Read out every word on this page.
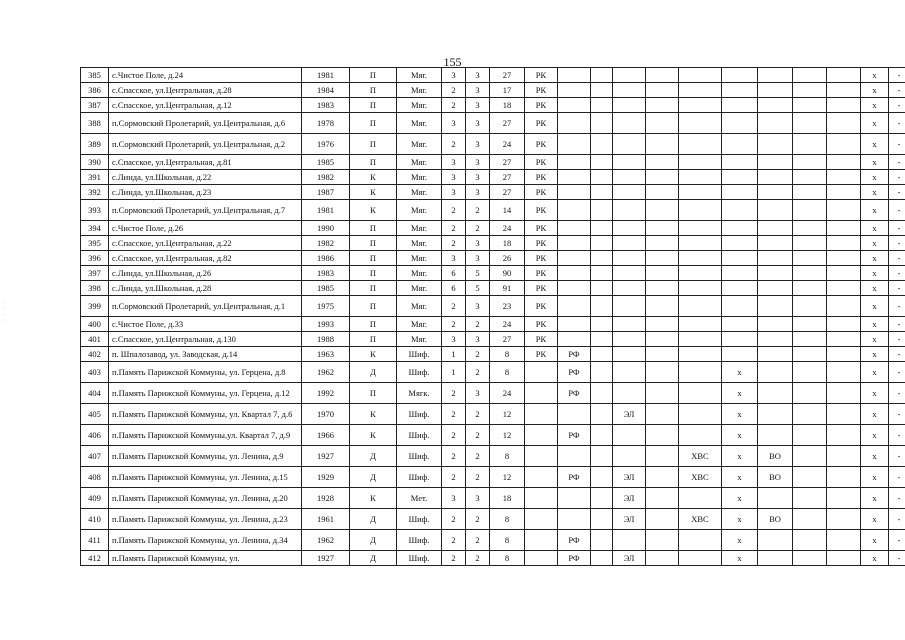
155
385	с.Чистое Поле, д.24	1981	П	Мяг.	3	3	27	РК										х	-
386	с.Спасское, ул.Центральная, д.28	1984	П	Мяг.	2	3	17	РК										х	-
387	с.Спасское, ул.Центральная, д.12	1983	П	Мяг.	2	3	18	РК										х	-
388	п.Сормовский Пролетарий, ул.Центральная, д.6	1978	П	Мяг.	3	3	27	РК										х	-
389	п.Сормовский Пролетарий, ул.Центральная, д.2	1976	П	Мяг.	2	3	24	РК										х	-
390	с.Спасское, ул.Центральная, д.81	1985	П	Мяг.	3	3	27	РК										х	-
391	с.Линда, ул.Школьная, д.22	1982	К	Мяг.	3	3	27	РК										х	-
392	с.Линда, ул.Школьная, д.23	1987	К	Мяг.	3	3	27	РК										х	-
393	п.Сормовский Пролетарий, ул.Центральная, д.7	1981	К	Мяг.	2	2	14	РК										х	-
394	с.Чистое Поле, д.26	1990	П	Мяг.	2	2	24	РК										х	-
395	с.Спасское, ул.Центральная, д.22	1982	П	Мяг.	2	3	18	РК										х	-
396	с.Спасское, ул.Центральная, д.82	1986	П	Мяг.	3	3	26	РК										х	-
397	с.Линда, ул.Школьная, д.26	1983	П	Мяг.	6	5	90	РК										х	-
398	с.Линда, ул.Школьная, д.28	1985	П	Мяг.	6	5	91	РК										х	-
399	п.Сормовский Пролетарий, ул.Центральная, д.1	1975	П	Мяг.	2	3	23	РК										х	-
400	с.Чистое Поле, д.33	1993	П	Мяг.	2	2	24	РК										х	-
401	с.Спасское, ул.Центральная, д.130	1988	П	Мяг.	3	3	27	РК										х	-
402	п. Шпалозавод, ул. Заводская, д.14	1963	К	Шиф.	1	2	8	РК	РФ									х	-
403	п.Память Парижской Коммуны, ул. Герцена, д.8	1962	Д	Шиф.	1	2	8		РФ					х				х	-
404	п.Память Парижской Коммуны, ул. Герцена, д.12	1992	П	Мягк.	2	3	24		РФ					х				х	-
405	п.Память Парижской Коммуны, ул. Квартал 7, д.6	1970	К	Шиф.	2	2	12				ЭЛ			х				х	-
406	п.Память Парижской Коммуны,ул. Квартал 7, д.9	1966	К	Шиф.	2	2	12		РФ					х				х	-
407	п.Память Парижской Коммуны, ул. Ленина, д.9	1927	Д	Шиф.	2	2	8						ХВС	х	ВО			х	-
408	п.Память Парижской Коммуны, ул. Ленина, д.15	1929	Д	Шиф.	2	2	12		РФ		ЭЛ		ХВС	х	ВО			х	-
409	п.Память Парижской Коммуны, ул. Ленина, д.20	1928	К	Мет.	3	3	18				ЭЛ			х				х	-
410	п.Память Парижской Коммуны, ул. Ленина, д.23	1961	Д	Шиф.	2	2	8				ЭЛ		ХВС	х	ВО			х	-
411	п.Память Парижской Коммуны, ул. Ленина, д.34	1962	Д	Шиф.	2	2	8		РФ					х				х	-
412	п.Память Парижской Коммуны, ул.	1927	Д	Шиф.	2	2	8		РФ		ЭЛ			х				х	-
·
·
·
·
